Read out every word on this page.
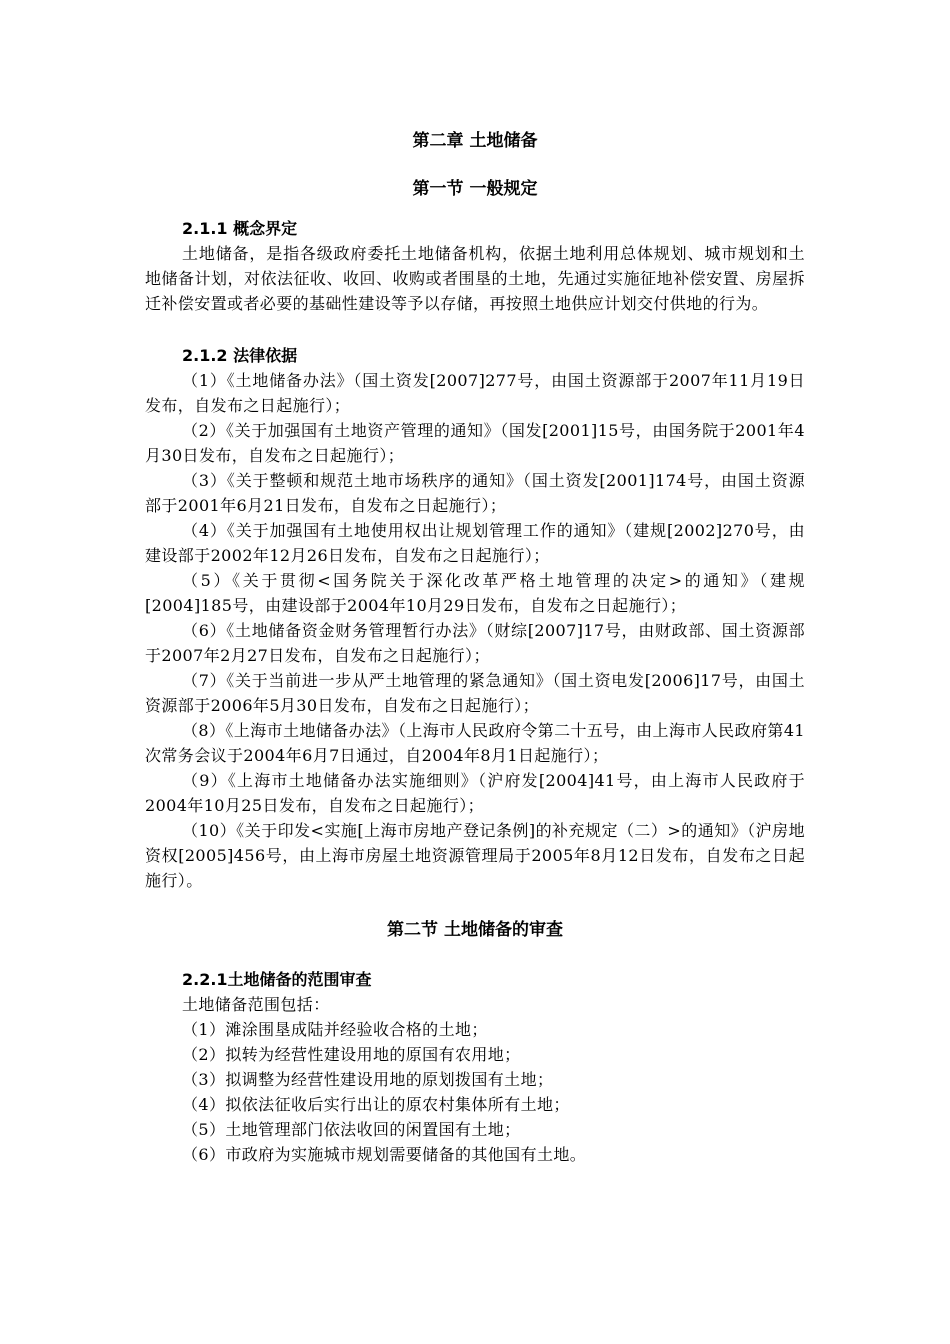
第二章 土地储备

第一节 一般规定

2.1.1 概念界定

土地储备，是指各级政府委托土地储备机构，依据土地利用总体规划、城市规划和土地储备计划，对依法征收、收回、收购或者围垦的土地，先通过实施征地补偿安置、房屋拆迁补偿安置或者必要的基础性建设等予以存储，再按照土地供应计划交付供地的行为。

2.1.2 法律依据

（1）《土地储备办法》（国土资发[2007]277号，由国土资源部于2007年11月19日发布，自发布之日起施行）；

（2）《关于加强国有土地资产管理的通知》（国发[2001]15号，由国务院于2001年4月30日发布，自发布之日起施行）；

（3）《关于整顿和规范土地市场秩序的通知》（国土资发[2001]174号，由国土资源部于2001年6月21日发布，自发布之日起施行）；

（4）《关于加强国有土地使用权出让规划管理工作的通知》（建规[2002]270号，由建设部于2002年12月26日发布，自发布之日起施行）；

（5）《关于贯彻<国务院关于深化改革严格土地管理的决定>的通知》（建规[2004]185号，由建设部于2004年10月29日发布，自发布之日起施行）；

（6）《土地储备资金财务管理暂行办法》（财综[2007]17号，由财政部、国土资源部于2007年2月27日发布，自发布之日起施行）；

（7）《关于当前进一步从严土地管理的紧急通知》（国土资电发[2006]17号，由国土资源部于2006年5月30日发布，自发布之日起施行）；

（8）《上海市土地储备办法》（上海市人民政府令第二十五号，由上海市人民政府第41次常务会议于2004年6月7日通过，自2004年8月1日起施行）；

（9）《上海市土地储备办法实施细则》（沪府发[2004]41号，由上海市人民政府于2004年10月25日发布，自发布之日起施行）；

（10）《关于印发<实施[上海市房地产登记条例]的补充规定（二）>的通知》（沪房地资权[2005]456号，由上海市房屋土地资源管理局于2005年8月12日发布，自发布之日起施行）。

第二节 土地储备的审查

2.2.1土地储备的范围审查

土地储备范围包括：

（1）滩涂围垦成陆并经验收合格的土地；

（2）拟转为经营性建设用地的原国有农用地；

（3）拟调整为经营性建设用地的原划拨国有土地；

（4）拟依法征收后实行出让的原农村集体所有土地；

（5）土地管理部门依法收回的闲置国有土地；

（6）市政府为实施城市规划需要储备的其他国有土地。
